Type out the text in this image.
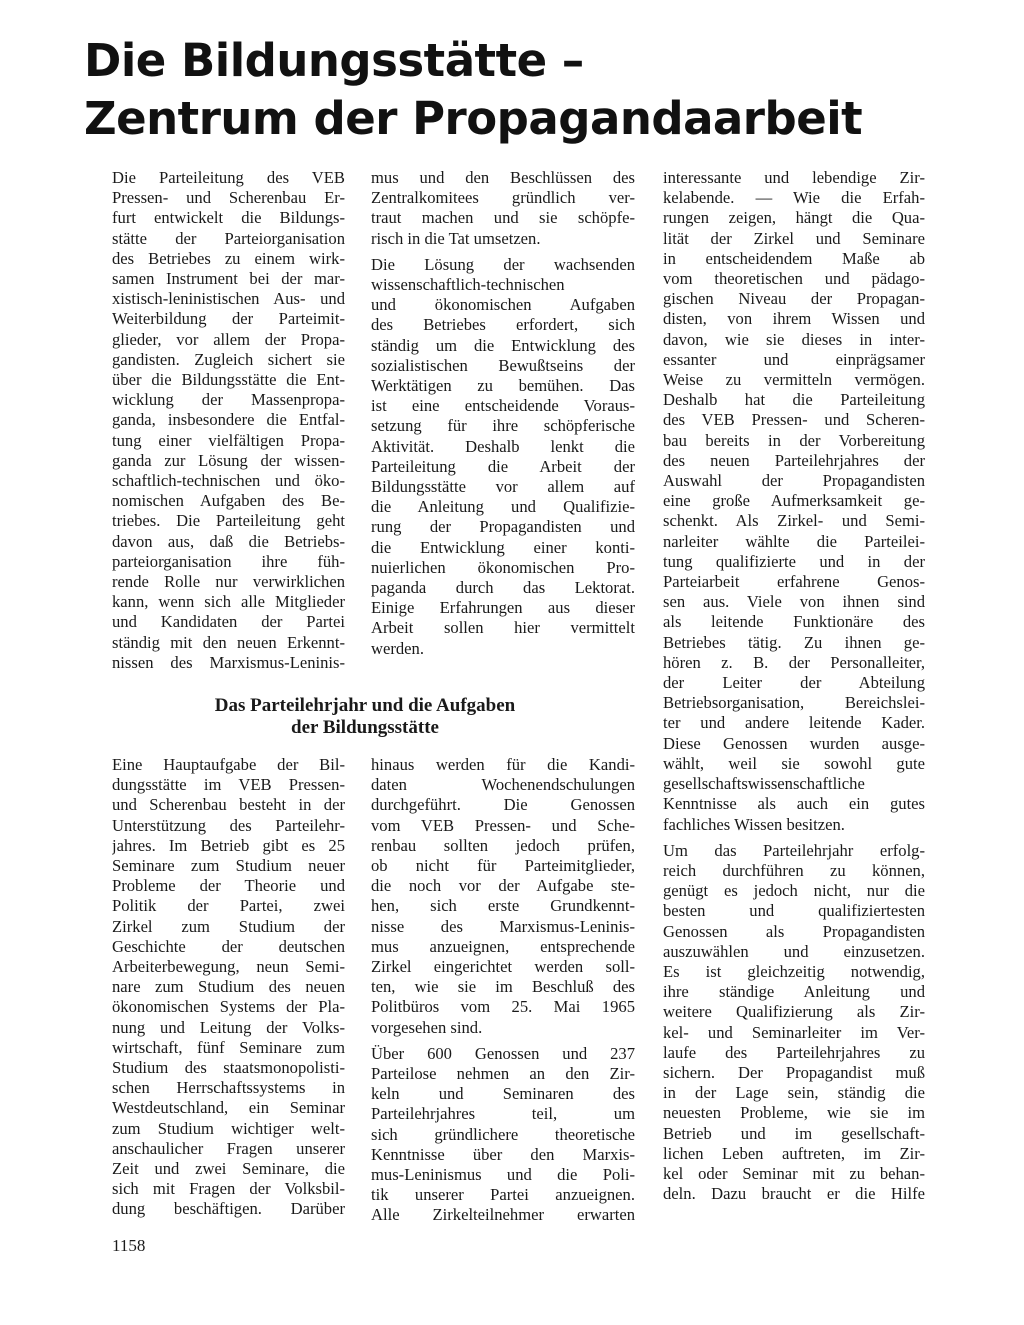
Die Bildungsstätte –
Zentrum der Propagandaarbeit

Die Parteileitung des VEB
Pressen- und Scherenbau Er-
furt entwickelt die Bildungs-
stätte der Parteiorganisation
des Betriebes zu einem wirk-
samen Instrument bei der mar-
xistisch-leninistischen Aus- und
Weiterbildung der Parteimit-
glieder, vor allem der Propa-
gandisten. Zugleich sichert sie
über die Bildungsstätte die Ent-
wicklung der Massenpropa-
ganda, insbesondere die Entfal-
tung einer vielfältigen Propa-
ganda zur Lösung der wissen-
schaftlich-technischen und öko-
nomischen Aufgaben des Be-
triebes. Die Parteileitung geht
davon aus, daß die Betriebs-
parteiorganisation ihre füh-
rende Rolle nur verwirklichen
kann, wenn sich alle Mitglieder
und Kandidaten der Partei
ständig mit den neuen Erkennt-
nissen des Marxismus-Leninis-

mus und den Beschlüssen des
Zentralkomitees gründlich ver-
traut machen und sie schöpfe-
risch in die Tat umsetzen.

Die Lösung der wachsenden
wissenschaftlich-technischen
und ökonomischen Aufgaben
des Betriebes erfordert, sich
ständig um die Entwicklung des
sozialistischen Bewußtseins der
Werktätigen zu bemühen. Das
ist eine entscheidende Voraus-
setzung für ihre schöpferische
Aktivität. Deshalb lenkt die
Parteileitung die Arbeit der
Bildungsstätte vor allem auf
die Anleitung und Qualifizie-
rung der Propagandisten und
die Entwicklung einer konti-
nuierlichen ökonomischen Pro-
paganda durch das Lektorat.
Einige Erfahrungen aus dieser
Arbeit sollen hier vermittelt
werden.

interessante und lebendige Zir-
kelabende. — Wie die Erfah-
rungen zeigen, hängt die Qua-
lität der Zirkel und Seminare
in entscheidendem Maße ab
vom theoretischen und pädago-
gischen Niveau der Propagan-
disten, von ihrem Wissen und
davon, wie sie dieses in inter-
essanter und einprägsamer
Weise zu vermitteln vermögen.
Deshalb hat die Parteileitung
des VEB Pressen- und Scheren-
bau bereits in der Vorbereitung
des neuen Parteilehrjahres der
Auswahl der Propagandisten
eine große Aufmerksamkeit ge-
schenkt. Als Zirkel- und Semi-
narleiter wählte die Parteilei-
tung qualifizierte und in der
Parteiarbeit erfahrene Genos-
sen aus. Viele von ihnen sind
als leitende Funktionäre des
Betriebes tätig. Zu ihnen ge-
hören z. B. der Personalleiter,
der Leiter der Abteilung
Betriebsorganisation, Bereichslei-
ter und andere leitende Kader.
Diese Genossen wurden ausge-
wählt, weil sie sowohl gute
gesellschaftswissenschaftliche
Kenntnisse als auch ein gutes
fachliches Wissen besitzen.

Um das Parteilehrjahr erfolg-
reich durchführen zu können,
genügt es jedoch nicht, nur die
besten und qualifiziertesten
Genossen als Propagandisten
auszuwählen und einzusetzen.
Es ist gleichzeitig notwendig,
ihre ständige Anleitung und
weitere Qualifizierung als Zir-
kel- und Seminarleiter im Ver-
laufe des Parteilehrjahres zu
sichern. Der Propagandist muß
in der Lage sein, ständig die
neuesten Probleme, wie sie im
Betrieb und im gesellschaft-
lichen Leben auftreten, im Zir-
kel oder Seminar mit zu behan-
deln. Dazu braucht er die Hilfe

Das Parteilehrjahr und die Aufgaben
der Bildungsstätte

Eine Hauptaufgabe der Bil-
dungsstätte im VEB Pressen-
und Scherenbau besteht in der
Unterstützung des Parteilehr-
jahres. Im Betrieb gibt es 25
Seminare zum Studium neuer
Probleme der Theorie und
Politik der Partei, zwei
Zirkel zum Studium der
Geschichte der deutschen
Arbeiterbewegung, neun Semi-
nare zum Studium des neuen
ökonomischen Systems der Pla-
nung und Leitung der Volks-
wirtschaft, fünf Seminare zum
Studium des staatsmonopolisti-
schen Herrschaftssystems in
Westdeutschland, ein Seminar
zum Studium wichtiger welt-
anschaulicher Fragen unserer
Zeit und zwei Seminare, die
sich mit Fragen der Volksbil-
dung beschäftigen. Darüber

hinaus werden für die Kandi-
daten Wochenendschulungen
durchgeführt. Die Genossen
vom VEB Pressen- und Sche-
renbau sollten jedoch prüfen,
ob nicht für Parteimitglieder,
die noch vor der Aufgabe ste-
hen, sich erste Grundkennt-
nisse des Marxismus-Leninis-
mus anzueignen, entsprechende
Zirkel eingerichtet werden soll-
ten, wie sie im Beschluß des
Politbüros vom 25. Mai 1965
vorgesehen sind.

Über 600 Genossen und 237
Parteilose nehmen an den Zir-
keln und Seminaren des
Parteilehrjahres teil, um
sich gründlichere theoretische
Kenntnisse über den Marxis-
mus-Leninismus und die Poli-
tik unserer Partei anzueignen.
Alle Zirkelteilnehmer erwarten

1158
